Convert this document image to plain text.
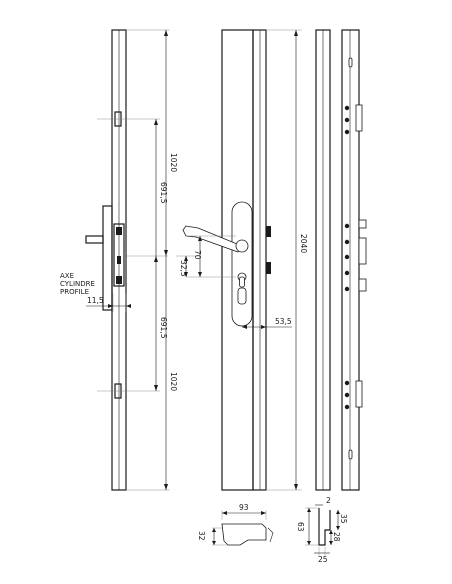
1020
1020
691,5
691,5
11,5
AXE
CYLINDRE
PROFILE
70
32,5
2040
53,5
93
32
2
63
35
28
25
